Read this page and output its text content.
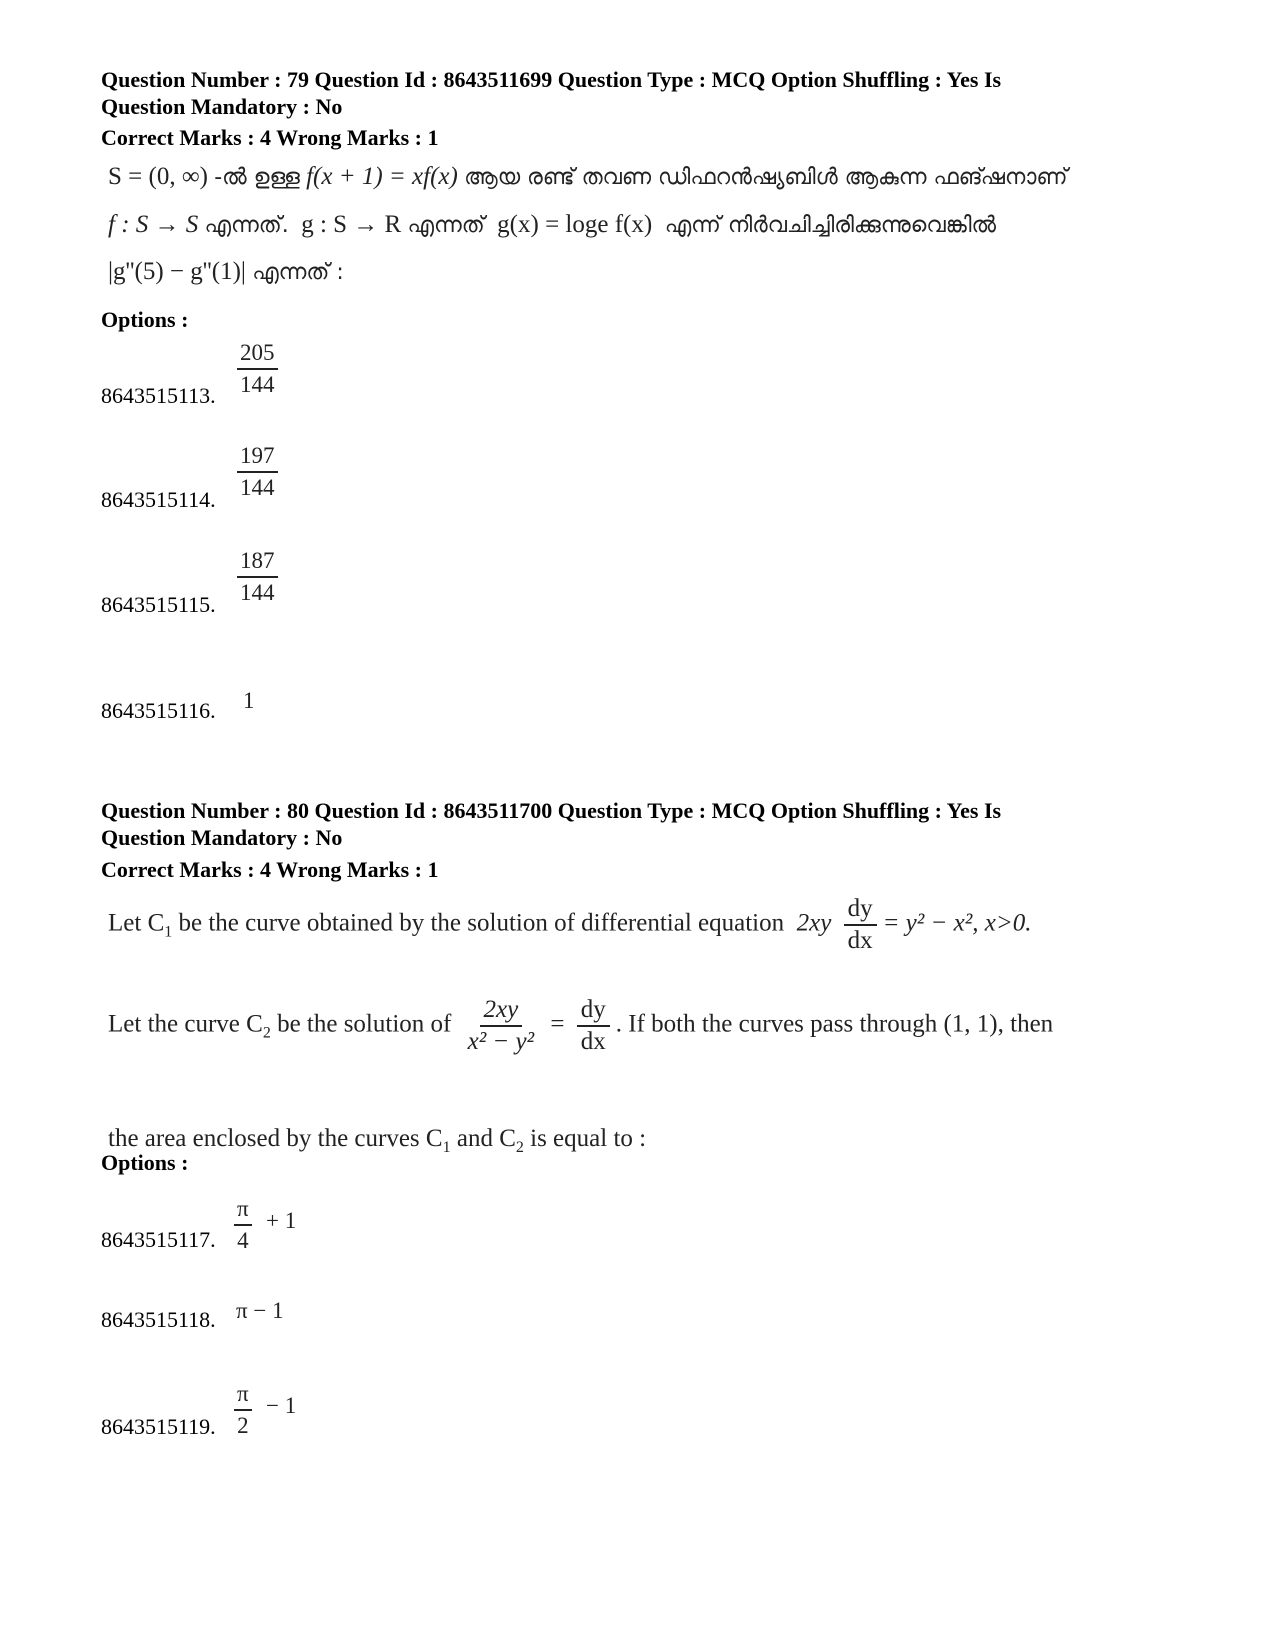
Question Number : 79 Question Id : 8643511699 Question Type : MCQ Option Shuffling : Yes Is
Question Mandatory : No
Correct Marks : 4 Wrong Marks : 1
S = (0, ∞) -ൽ ഉള്ള f(x + 1) = xf(x) ആയ രണ്ട് തവണ ഡിഫറൻഷ്യബിൾ ആകുന്ന ഫങ്ഷനാണ്
f : S → S എന്നത്. g : S → R എന്നത് g(x) = loge f(x) എന്ന് നിർവചിച്ചിരിക്കുന്നുവെങ്കിൽ
|g''(5) − g''(1)| എന്നത് :
Options :
8643515113. $\frac{205}{144}$
8643515114. $\frac{197}{144}$
8643515115. $\frac{187}{144}$
8643515116. 1
Question Number : 80 Question Id : 8643511700 Question Type : MCQ Option Shuffling : Yes Is
Question Mandatory : No
Correct Marks : 4 Wrong Marks : 1
Let $C_1$ be the curve obtained by the solution of differential equation $2xy \frac{dy}{dx} = y^2 - x^2$, x>0.
Let the curve $C_2$ be the solution of $\frac{2xy}{\text{x² − y²}} = \frac{dy}{dx}$ . If both the curves pass through (1, 1), then
the area enclosed by the curves $C_1$ and $C_2$ is equal to :
Options :
8643515117. $\frac{\pi}{4} + 1$
8643515118. π − 1
8643515119. $\frac{\pi}{2} - 1$
